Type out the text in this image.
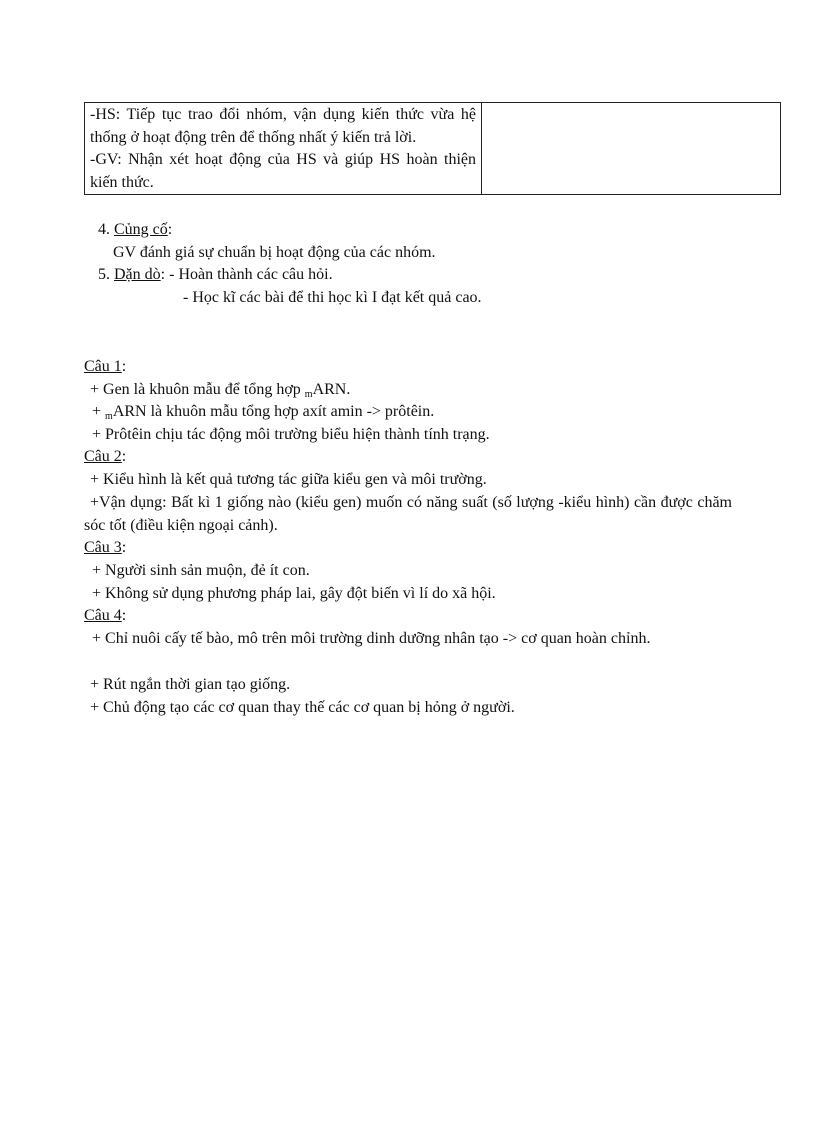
-HS: Tiếp tục trao đổi nhóm, vận dụng kiến thức vừa hệ thống ở hoạt động trên để thống nhất ý kiến trả lời.
-GV: Nhận xét hoạt động của HS và giúp HS hoàn thiện kiến thức.

4. Củng cố:
GV đánh giá sự chuẩn bị hoạt động của các nhóm.
5. Dặn dò: - Hoàn thành các câu hỏi.
- Học kĩ các bài để thi học kì I đạt kết quả cao.
Câu 1:
+ Gen là khuôn mẫu để tổng hợp $_m$ARN.
+ $_m$ARN là khuôn mẫu tổng hợp axít amin -> prôtêin.
+ Prôtêin chịu tác động môi trường biểu hiện thành tính trạng.
Câu 2:
+ Kiểu hình là kết quả tương tác giữa kiểu gen và môi trường.
+Vận dụng: Bất kì 1 giống nào (kiểu gen) muốn có năng suất (số lượng -kiểu hình) cần được chăm sóc tốt (điều kiện ngoại cảnh).
Câu 3:
+ Người sinh sản muộn, đẻ ít con.
+ Không sử dụng phương pháp lai, gây đột biến vì lí do xã hội.
Câu 4:
+ Chỉ nuôi cấy tế bào, mô trên môi trường dinh dưỡng nhân tạo -> cơ quan hoàn chỉnh.
+ Rút ngắn thời gian tạo giống.
+ Chủ động tạo các cơ quan thay thế các cơ quan bị hỏng ở người.
